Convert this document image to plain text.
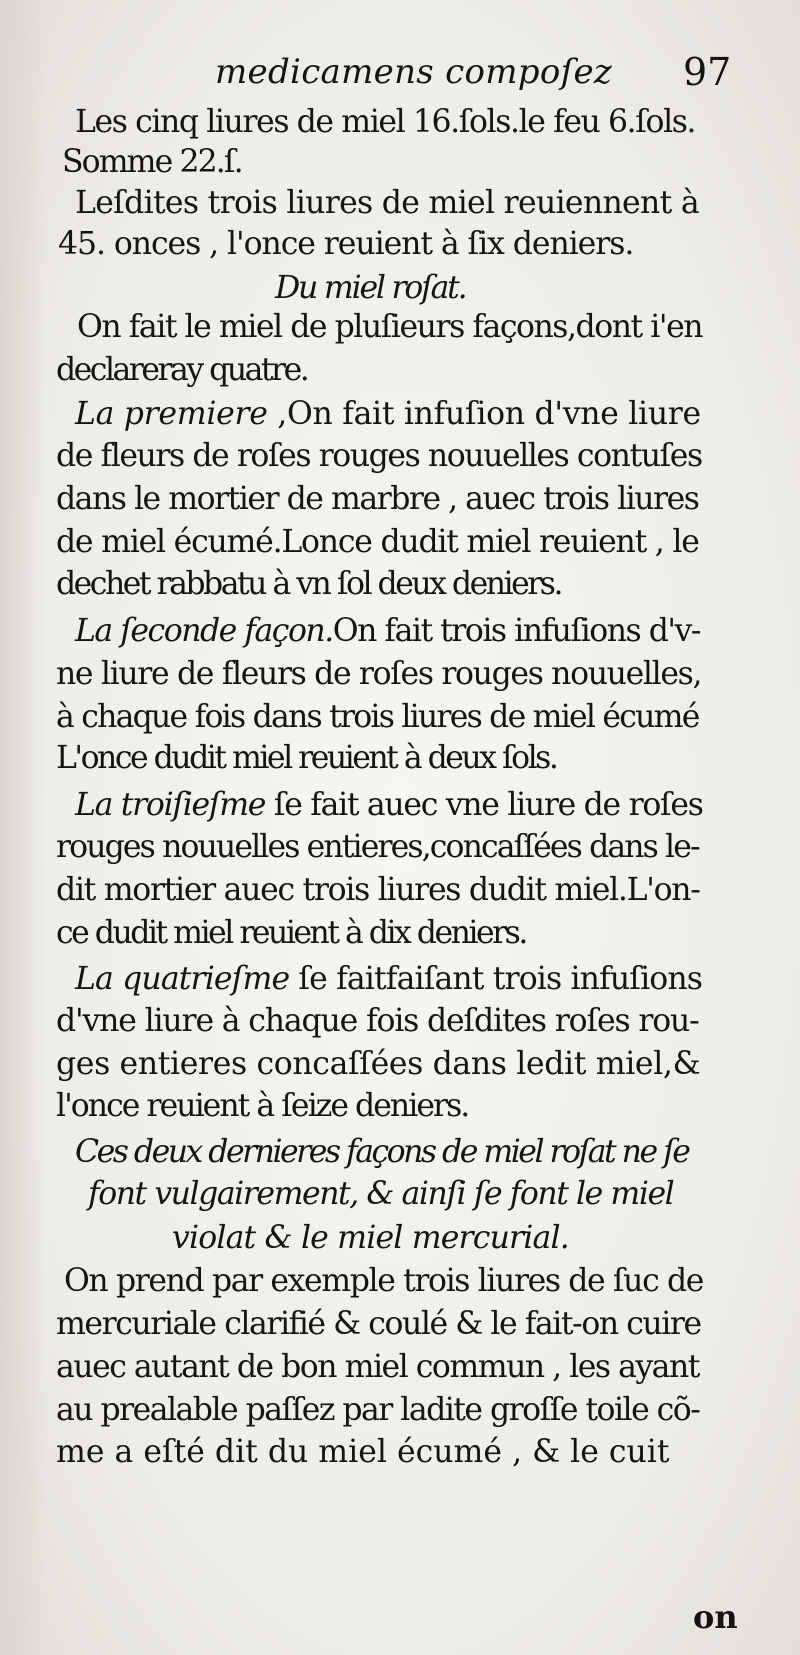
medicamens compoſez 97
Les cinq liures de miel 16.ſols.le feu 6.ſols.
Somme 22.ſ.
Leſdites trois liures de miel reuiennent à
45. onces , l'once reuient à ſix deniers.
Du miel roſat.
On fait le miel de pluſieurs façons,dont i'en
declareray quatre.
La premiere ,On fait infuſion d'vne liure
de fleurs de roſes rouges nouuelles contuſes
dans le mortier de marbre , auec trois liures
de miel écumé.Lonce dudit miel reuient , le
dechet rabbatu à vn ſol deux deniers.
La ſeconde façon.On fait trois infuſions d'v-
ne liure de fleurs de roſes rouges nouuelles,
à chaque fois dans trois liures de miel écumé
L'once dudit miel reuient à deux ſols.
La troiſieſme ſe fait auec vne liure de roſes
rouges nouuelles entieres,concaſſées dans le-
dit mortier auec trois liures dudit miel.L'on-
ce dudit miel reuient à dix deniers.
La quatrieſme ſe faitfaiſant trois infuſions
d'vne liure à chaque fois deſdites roſes rou-
ges entieres concaſſées dans ledit miel,&
l'once reuient à ſeize deniers.
Ces deux dernieres façons de miel roſat ne ſe
font vulgairement, & ainſi ſe font le miel
violat & le miel mercurial.
On prend par exemple trois liures de ſuc de
mercuriale clarifié & coulé & le fait-on cuire
auec autant de bon miel commun , les ayant
au prealable paſſez par ladite groſſe toile cõ-
me a eſté dit du miel écumé , & le cuit
on
